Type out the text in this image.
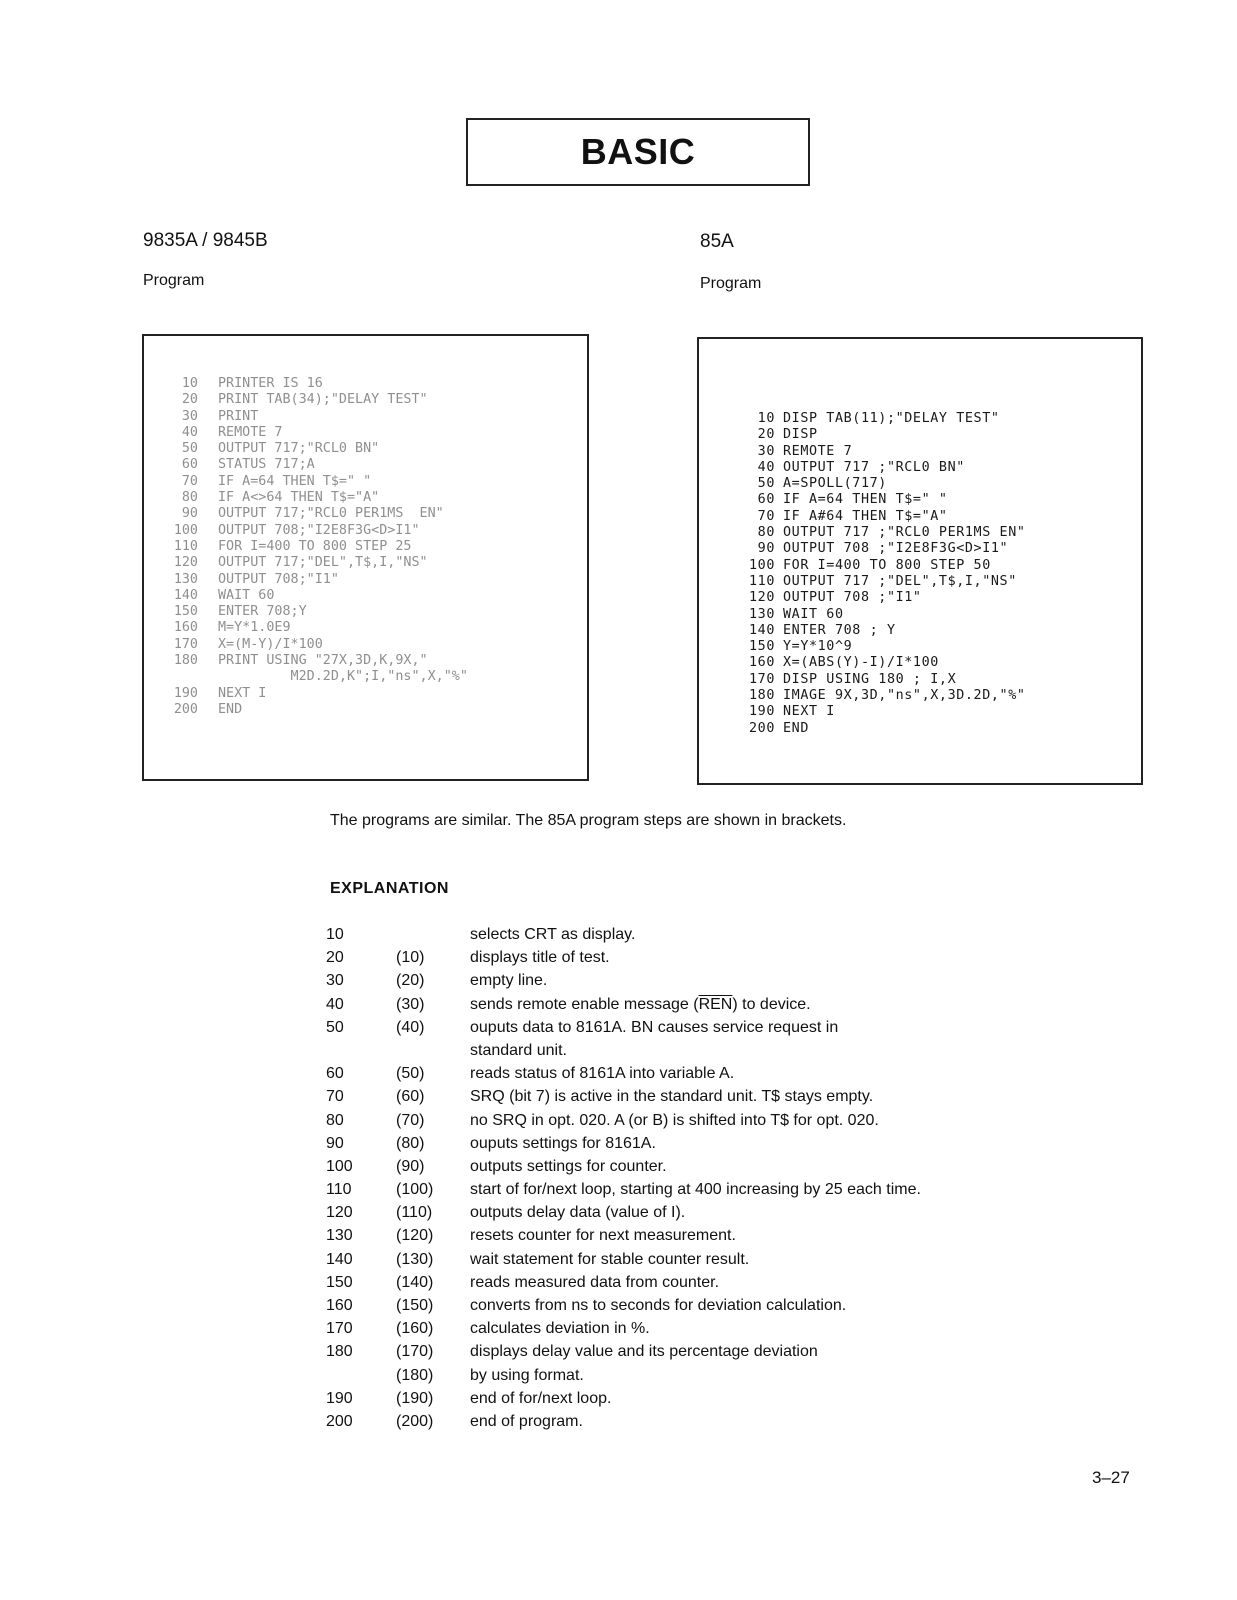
BASIC
9835A / 9845B
Program
85A
Program
10 PRINTER IS 16
20 PRINT TAB(34);"DELAY TEST"
30 PRINT
40 REMOTE 7
50 OUTPUT 717;"RCL0 BN"
60 STATUS 717;A
70 IF A=64 THEN T$=" "
80 IF A<>64 THEN T$="A"
90 OUTPUT 717;"RCL0 PER1MS  EN"
100 OUTPUT 708;"I2E8F3G<D>I1"
110 FOR I=400 TO 800 STEP 25
120 OUTPUT 717;"DEL",T$,I,"NS"
130 OUTPUT 708;"I1"
140 WAIT 60
150 ENTER 708;Y
160 M=Y*1.0E9
170 X=(M-Y)/I*100
180 PRINT USING "27X,3D,K,9X,"
M2D.2D,K";I,"ns",X,"%"
190 NEXT I
200 END
10 DISP TAB(11);"DELAY TEST"
20 DISP
30 REMOTE 7
40 OUTPUT 717 ;"RCL0 BN"
50 A=SPOLL(717)
60 IF A=64 THEN T$=" "
70 IF A#64 THEN T$="A"
80 OUTPUT 717 ;"RCL0 PER1MS EN"
90 OUTPUT 708 ;"I2E8F3G<D>I1"
100 FOR I=400 TO 800 STEP 50
110 OUTPUT 717 ;"DEL",T$,I,"NS"
120 OUTPUT 708 ;"I1"
130 WAIT 60
140 ENTER 708 ; Y
150 Y=Y*10^9
160 X=(ABS(Y)-I)/I*100
170 DISP USING 180 ; I,X
180 IMAGE 9X,3D,"ns",X,3D.2D,"%"
190 NEXT I
200 END

The programs are similar. The 85A program steps are shown in brackets.

EXPLANATION
10		selects CRT as display.
20	(10)	displays title of test.
30	(20)	empty line.
40	(30)	sends remote enable message $(\overline{REN})$ to device.
50	(40)	ouputs data to 8161A. BN causes service request in
		standard unit.
60	(50)	reads status of 8161A into variable A.
70	(60)	SRQ (bit 7) is active in the standard unit. T$ stays empty.
80	(70)	no SRQ in opt. 020. A (or B) is shifted into T$ for opt. 020.
90	(80)	ouputs settings for 8161A.
100	(90)	outputs settings for counter.
110	(100)	start of for/next loop, starting at 400 increasing by 25 each time.
120	(110)	outputs delay data (value of I).
130	(120)	resets counter for next measurement.
140	(130)	wait statement for stable counter result.
150	(140)	reads measured data from counter.
160	(150)	converts from ns to seconds for deviation calculation.
170	(160)	calculates deviation in %.
180	(170)	displays delay value and its percentage deviation
	(180)	by using format.
190	(190)	end of for/next loop.
200	(200)	end of program.
3–27
